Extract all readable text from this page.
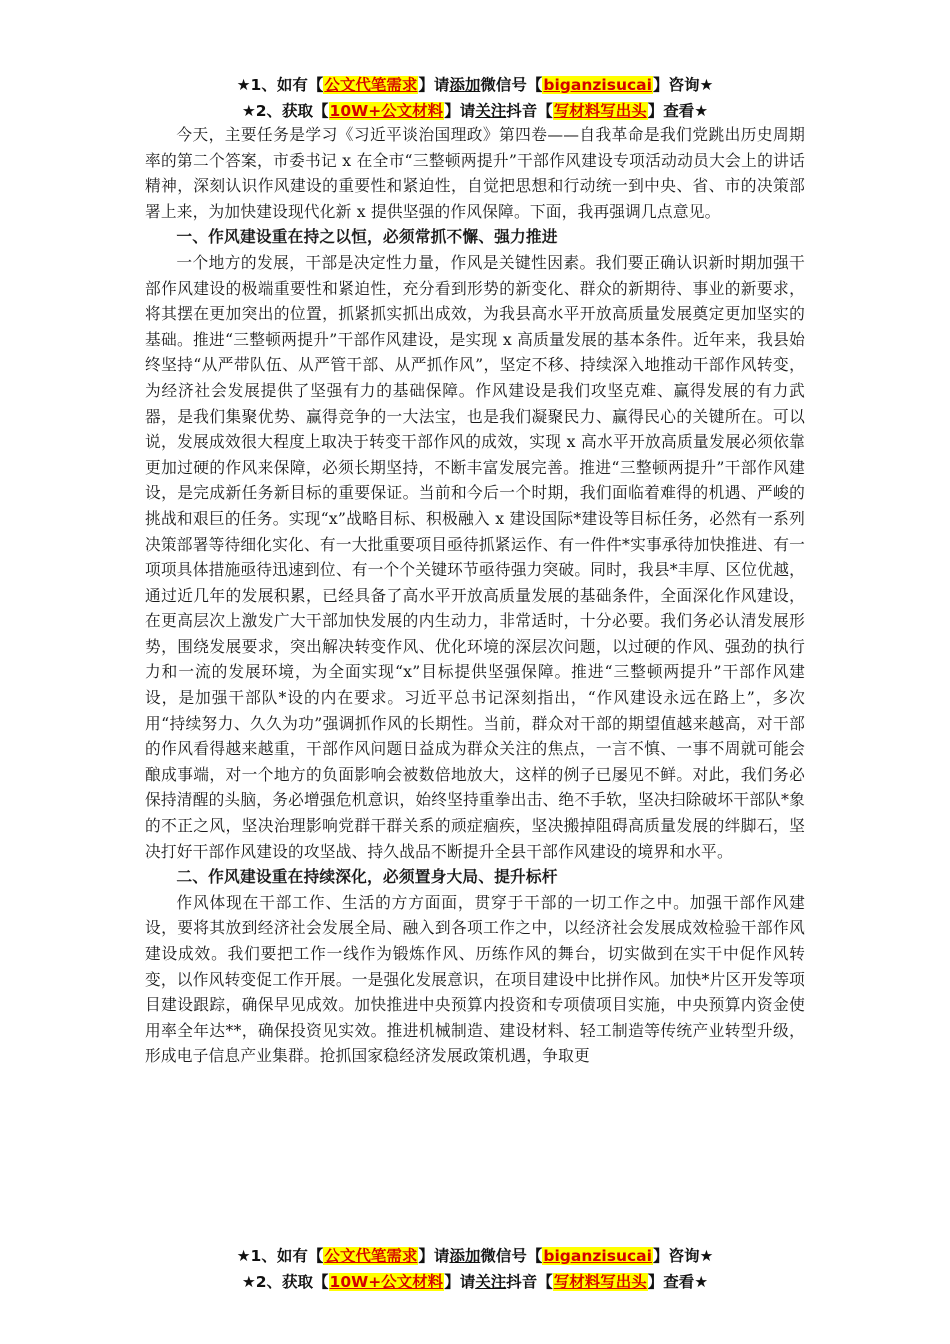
★1、如有【公文代笔需求】请添加微信号【biganzisucai】咨询★
★2、获取【10W+公文材料】请关注抖音【写材料写出头】查看★

今天，主要任务是学习《习近平谈治国理政》第四卷——自我革命是我们党跳出历史周期率的第二个答案，市委书记 x 在全市“三整顿两提升”干部作风建设专项活动动员大会上的讲话精神，深刻认识作风建设的重要性和紧迫性，自觉把思想和行动统一到中央、省、市的决策部署上来，为加快建设现代化新 x 提供坚强的作风保障。下面，我再强调几点意见。

一、作风建设重在持之以恒，必须常抓不懈、强力推进

一个地方的发展，干部是决定性力量，作风是关键性因素。我们要正确认识新时期加强干部作风建设的极端重要性和紧迫性，充分看到形势的新变化、群众的新期待、事业的新要求，将其摆在更加突出的位置，抓紧抓实抓出成效，为我县高水平开放高质量发展奠定更加坚实的基础。推进“三整顿两提升”干部作风建设，是实现 x 高质量发展的基本条件。近年来，我县始终坚持“从严带队伍、从严管干部、从严抓作风”，坚定不移、持续深入地推动干部作风转变，为经济社会发展提供了坚强有力的基础保障。作风建设是我们攻坚克难、赢得发展的有力武器，是我们集聚优势、赢得竞争的一大法宝，也是我们凝聚民力、赢得民心的关键所在。可以说，发展成效很大程度上取决于转变干部作风的成效，实现 x 高水平开放高质量发展必须依靠更加过硬的作风来保障，必须长期坚持，不断丰富发展完善。推进“三整顿两提升”干部作风建设，是完成新任务新目标的重要保证。当前和今后一个时期，我们面临着难得的机遇、严峻的挑战和艰巨的任务。实现“x”战略目标、积极融入 x 建设国际*建设等目标任务，必然有一系列决策部署等待细化实化、有一大批重要项目亟待抓紧运作、有一件件*实事承待加快推进、有一项项具体措施亟待迅速到位、有一个个关键环节亟待强力突破。同时，我县*丰厚、区位优越，通过近几年的发展积累，已经具备了高水平开放高质量发展的基础条件，全面深化作风建设，在更高层次上激发广大干部加快发展的内生动力，非常适时，十分必要。我们务必认清发展形势，围绕发展要求，突出解决转变作风、优化环境的深层次问题，以过硬的作风、强劲的执行力和一流的发展环境，为全面实现“x”目标提供坚强保障。推进“三整顿两提升”干部作风建设，是加强干部队*设的内在要求。习近平总书记深刻指出，“作风建设永远在路上”，多次用“持续努力、久久为功”强调抓作风的长期性。当前，群众对干部的期望值越来越高，对干部的作风看得越来越重，干部作风问题日益成为群众关注的焦点，一言不慎、一事不周就可能会酿成事端，对一个地方的负面影响会被数倍地放大，这样的例子已屡见不鲜。对此，我们务必保持清醒的头脑，务必增强危机意识，始终坚持重拳出击、绝不手软，坚决扫除破坏干部队*象的不正之风，坚决治理影响党群干群关系的顽症痼疾，坚决搬掉阻碍高质量发展的绊脚石，坚决打好干部作风建设的攻坚战、持久战品不断提升全县干部作风建设的境界和水平。

二、作风建设重在持续深化，必须置身大局、提升标杆

作风体现在干部工作、生活的方方面面，贯穿于干部的一切工作之中。加强干部作风建设，要将其放到经济社会发展全局、融入到各项工作之中，以经济社会发展成效检验干部作风建设成效。我们要把工作一线作为锻炼作风、历练作风的舞台，切实做到在实干中促作风转变，以作风转变促工作开展。一是强化发展意识，在项目建设中比拼作风。加快*片区开发等项目建设跟踪，确保早见成效。加快推进中央预算内投资和专项债项目实施，中央预算内资金使用率全年达**，确保投资见实效。推进机械制造、建设材料、轻工制造等传统产业转型升级，形成电子信息产业集群。抢抓国家稳经济发展政策机遇，争取更

★1、如有【公文代笔需求】请添加微信号【biganzisucai】咨询★
★2、获取【10W+公文材料】请关注抖音【写材料写出头】查看★
